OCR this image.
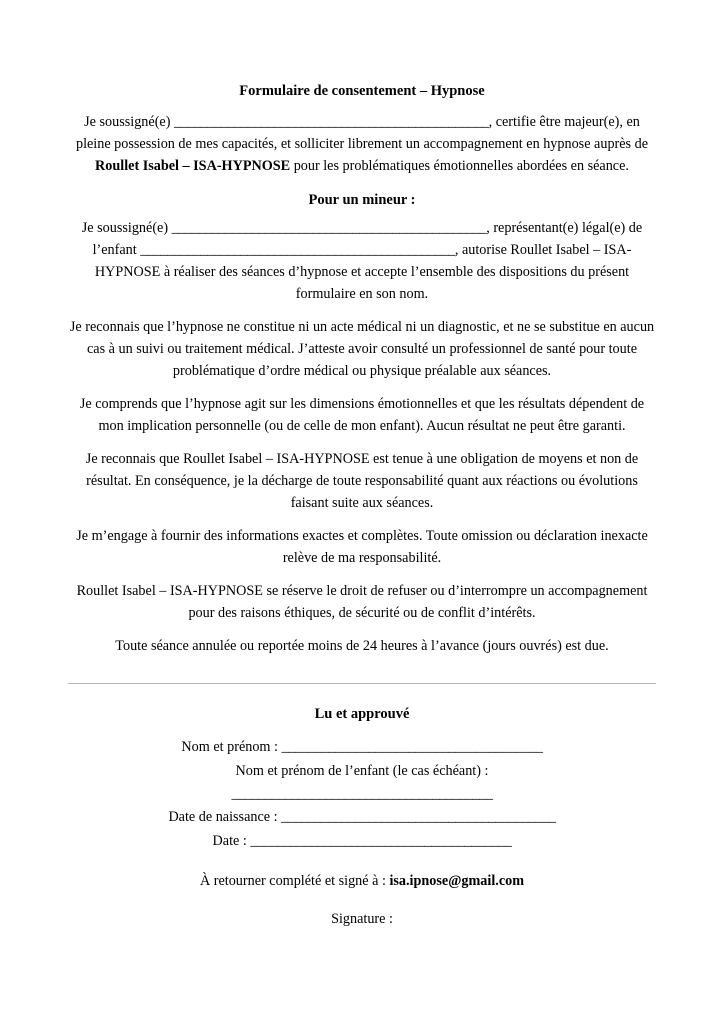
Formulaire de consentement – Hypnose

Je soussigné(e) _______________________________________________, certifie être majeur(e), en pleine possession de mes capacités, et solliciter librement un accompagnement en hypnose auprès de Roullet Isabel – ISA-HYPNOSE pour les problématiques émotionnelles abordées en séance.

Pour un mineur :

Je soussigné(e) _______________________________________________, représentant(e) légal(e) de l’enfant _______________________________________________, autorise Roullet Isabel – ISA-HYPNOSE à réaliser des séances d’hypnose et accepte l’ensemble des dispositions du présent formulaire en son nom.

Je reconnais que l’hypnose ne constitue ni un acte médical ni un diagnostic, et ne se substitue en aucun cas à un suivi ou traitement médical. J’atteste avoir consulté un professionnel de santé pour toute problématique d’ordre médical ou physique préalable aux séances.

Je comprends que l’hypnose agit sur les dimensions émotionnelles et que les résultats dépendent de mon implication personnelle (ou de celle de mon enfant). Aucun résultat ne peut être garanti.

Je reconnais que Roullet Isabel – ISA-HYPNOSE est tenue à une obligation de moyens et non de résultat. En conséquence, je la décharge de toute responsabilité quant aux réactions ou évolutions faisant suite aux séances.

Je m’engage à fournir des informations exactes et complètes. Toute omission ou déclaration inexacte relève de ma responsabilité.

Roullet Isabel – ISA-HYPNOSE se réserve le droit de refuser ou d’interrompre un accompagnement pour des raisons éthiques, de sécurité ou de conflit d’intérêts.

Toute séance annulée ou reportée moins de 24 heures à l’avance (jours ouvrés) est due.

Lu et approuvé

Nom et prénom : _______________________________________

Nom et prénom de l’enfant (le cas échéant) :

_______________________________________

Date de naissance : _________________________________________

Date : _______________________________________

À retourner complété et signé à : isa.ipnose@gmail.com

Signature :
